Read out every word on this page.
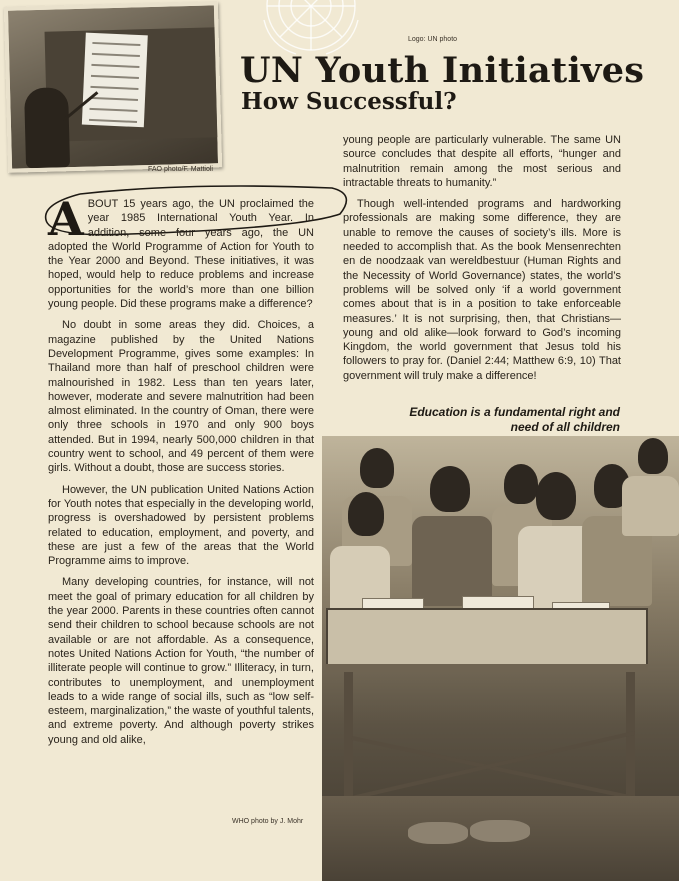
FAO photo/F. Mattioli
Logo: UN photo
UN Youth Initiatives
How Successful?

ABOUT 15 years ago, the UN proclaimed the year 1985 International Youth Year. In addition, some four years ago, the UN adopted the World Programme of Action for Youth to the Year 2000 and Beyond. These initiatives, it was hoped, would help to reduce problems and increase opportunities for the world’s more than one billion young people. Did these programs make a difference?

No doubt in some areas they did. Choices, a magazine published by the United Nations Development Programme, gives some examples: In Thailand more than half of preschool children were malnourished in 1982. Less than ten years later, however, moderate and severe malnutrition had been almost eliminated. In the country of Oman, there were only three schools in 1970 and only 900 boys attended. But in 1994, nearly 500,000 children in that country went to school, and 49 percent of them were girls. Without a doubt, those are success stories.

However, the UN publication United Nations Action for Youth notes that especially in the developing world, progress is overshadowed by persistent problems related to education, employment, and poverty, and these are just a few of the areas that the World Programme aims to improve.

Many developing countries, for instance, will not meet the goal of primary education for all children by the year 2000. Parents in these countries often cannot send their children to school because schools are not available or are not affordable. As a consequence, notes United Nations Action for Youth, “the number of illiterate people will continue to grow.” Illiteracy, in turn, contributes to unemployment, and unemployment leads to a wide range of social ills, such as “low self-esteem, marginalization,” the waste of youthful talents, and extreme poverty. And although poverty strikes young and old alike,

WHO photo by J. Mohr

young people are particularly vulnerable. The same UN source concludes that despite all efforts, “hunger and malnutrition remain among the most serious and intractable threats to humanity.”

Though well-intended programs and hardworking professionals are making some difference, they are unable to remove the causes of society’s ills. More is needed to accomplish that. As the book Mensenrechten en de noodzaak van wereldbestuur (Human Rights and the Necessity of World Governance) states, the world’s problems will be solved only ‘if a world government comes about that is in a position to take enforceable measures.’ It is not surprising, then, that Christians—young and old alike—look forward to God’s incoming Kingdom, the world government that Jesus told his followers to pray for. (Daniel 2:44; Matthew 6:9, 10) That government will truly make a difference!

Education is a fundamental right and need of all children
